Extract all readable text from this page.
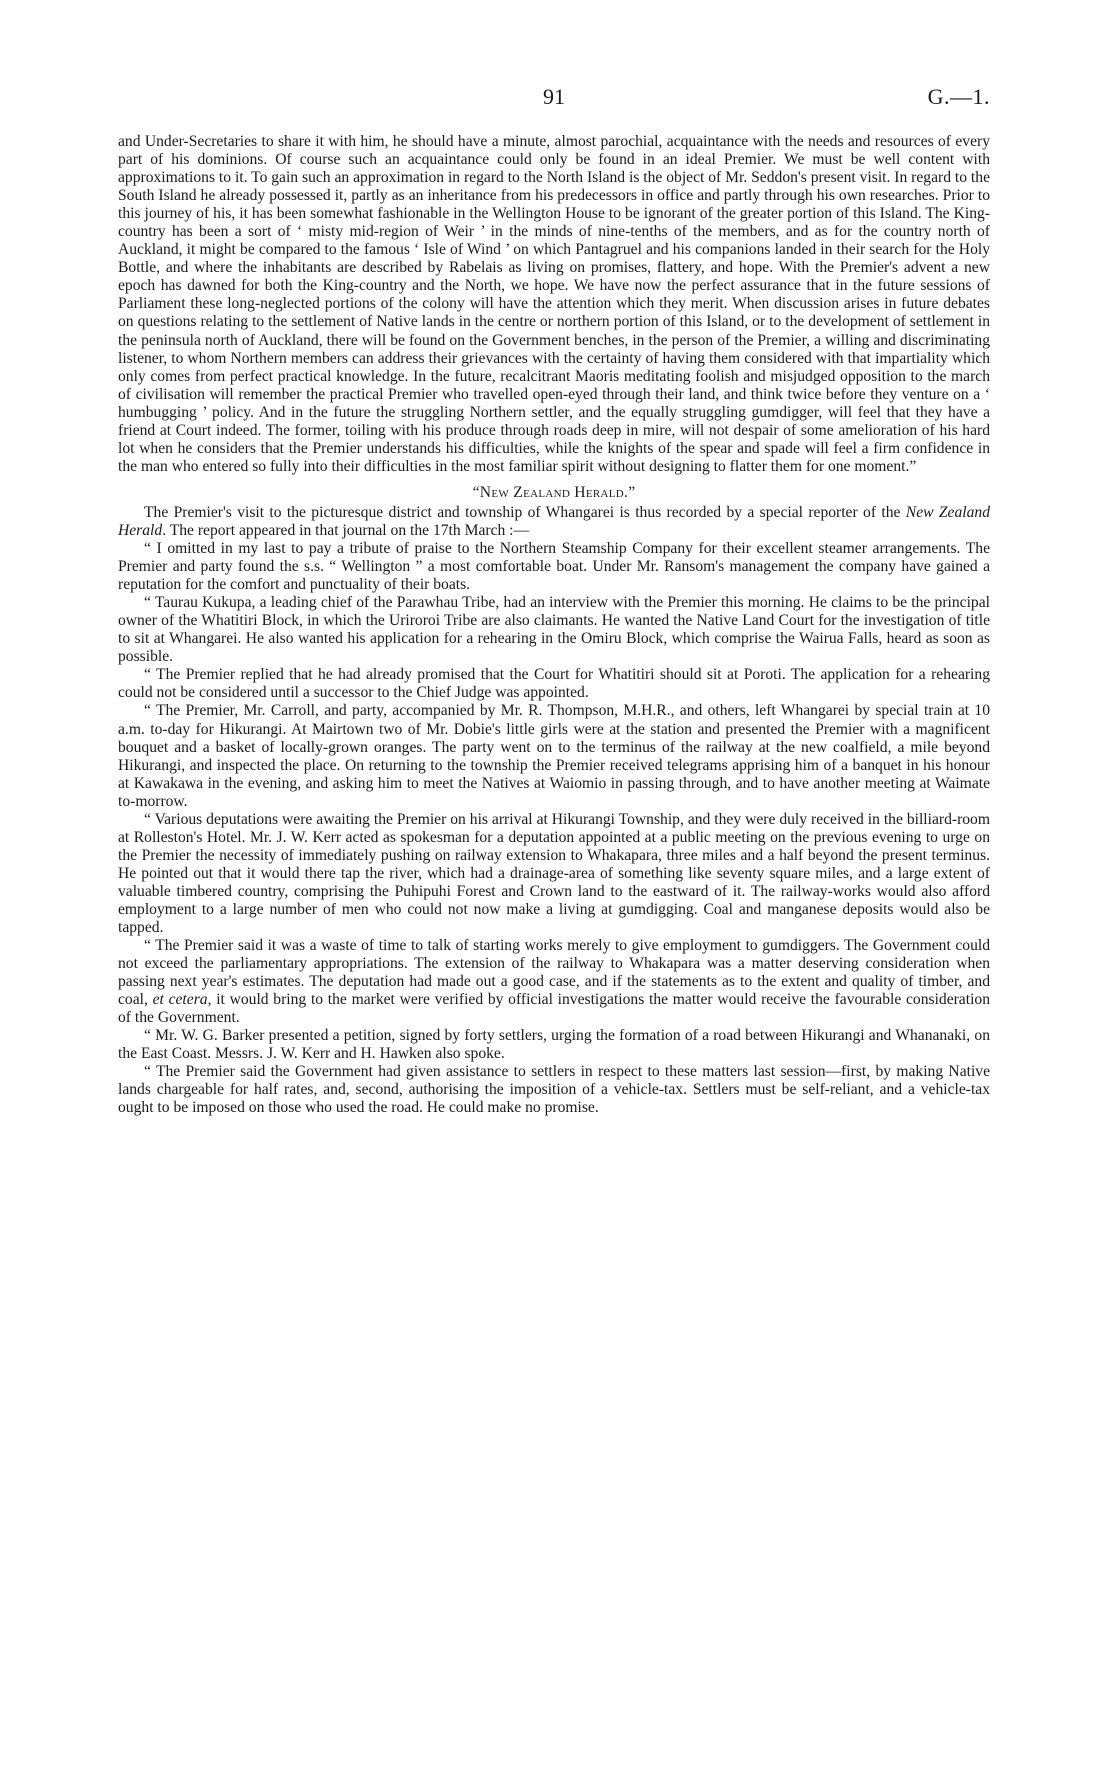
91	G.—1.

and Under-Secretaries to share it with him, he should have a minute, almost parochial, acquaintance with the needs and resources of every part of his dominions. Of course such an acquaintance could only be found in an ideal Premier. We must be well content with approximations to it. To gain such an approximation in regard to the North Island is the object of Mr. Seddon's present visit. In regard to the South Island he already possessed it, partly as an inheritance from his predecessors in office and partly through his own researches. Prior to this journey of his, it has been somewhat fashionable in the Wellington House to be ignorant of the greater portion of this Island. The King-country has been a sort of ‘ misty mid-region of Weir ’ in the minds of nine-tenths of the members, and as for the country north of Auckland, it might be compared to the famous ‘ Isle of Wind ’ on which Pantagruel and his companions landed in their search for the Holy Bottle, and where the inhabitants are described by Rabelais as living on promises, flattery, and hope. With the Premier's advent a new epoch has dawned for both the King-country and the North, we hope. We have now the perfect assurance that in the future sessions of Parliament these long-neglected portions of the colony will have the attention which they merit. When discussion arises in future debates on questions relating to the settlement of Native lands in the centre or northern portion of this Island, or to the development of settlement in the peninsula north of Auckland, there will be found on the Government benches, in the person of the Premier, a willing and discriminating listener, to whom Northern members can address their grievances with the certainty of having them considered with that impartiality which only comes from perfect practical knowledge. In the future, recalcitrant Maoris meditating foolish and misjudged opposition to the march of civilisation will remember the practical Premier who travelled open-eyed through their land, and think twice before they venture on a ‘ humbugging ’ policy. And in the future the struggling Northern settler, and the equally struggling gumdigger, will feel that they have a friend at Court indeed. The former, toiling with his produce through roads deep in mire, will not despair of some amelioration of his hard lot when he considers that the Premier understands his difficulties, while the knights of the spear and spade will feel a firm confidence in the man who entered so fully into their difficulties in the most familiar spirit without designing to flatter them for one moment.”

“New Zealand Herald.”

The Premier's visit to the picturesque district and township of Whangarei is thus recorded by a special reporter of the New Zealand Herald. The report appeared in that journal on the 17th March :—

“ I omitted in my last to pay a tribute of praise to the Northern Steamship Company for their excellent steamer arrangements. The Premier and party found the s.s. “ Wellington ” a most comfortable boat. Under Mr. Ransom's management the company have gained a reputation for the comfort and punctuality of their boats.

“ Taurau Kukupa, a leading chief of the Parawhau Tribe, had an interview with the Premier this morning. He claims to be the principal owner of the Whatitiri Block, in which the Uriroroi Tribe are also claimants. He wanted the Native Land Court for the investigation of title to sit at Whangarei. He also wanted his application for a rehearing in the Omiru Block, which comprise the Wairua Falls, heard as soon as possible.

“ The Premier replied that he had already promised that the Court for Whatitiri should sit at Poroti. The application for a rehearing could not be considered until a successor to the Chief Judge was appointed.

“ The Premier, Mr. Carroll, and party, accompanied by Mr. R. Thompson, M.H.R., and others, left Whangarei by special train at 10 a.m. to-day for Hikurangi. At Mairtown two of Mr. Dobie's little girls were at the station and presented the Premier with a magnificent bouquet and a basket of locally-grown oranges. The party went on to the terminus of the railway at the new coalfield, a mile beyond Hikurangi, and inspected the place. On returning to the township the Premier received telegrams apprising him of a banquet in his honour at Kawakawa in the evening, and asking him to meet the Natives at Waiomio in passing through, and to have another meeting at Waimate to-morrow.

“ Various deputations were awaiting the Premier on his arrival at Hikurangi Township, and they were duly received in the billiard-room at Rolleston's Hotel. Mr. J. W. Kerr acted as spokesman for a deputation appointed at a public meeting on the previous evening to urge on the Premier the necessity of immediately pushing on railway extension to Whakapara, three miles and a half beyond the present terminus. He pointed out that it would there tap the river, which had a drainage-area of something like seventy square miles, and a large extent of valuable timbered country, comprising the Puhipuhi Forest and Crown land to the eastward of it. The railway-works would also afford employment to a large number of men who could not now make a living at gumdigging. Coal and manganese deposits would also be tapped.

“ The Premier said it was a waste of time to talk of starting works merely to give employment to gumdiggers. The Government could not exceed the parliamentary appropriations. The extension of the railway to Whakapara was a matter deserving consideration when passing next year's estimates. The deputation had made out a good case, and if the statements as to the extent and quality of timber, and coal, et cetera, it would bring to the market were verified by official investigations the matter would receive the favourable consideration of the Government.

“ Mr. W. G. Barker presented a petition, signed by forty settlers, urging the formation of a road between Hikurangi and Whananaki, on the East Coast. Messrs. J. W. Kerr and H. Hawken also spoke.

“ The Premier said the Government had given assistance to settlers in respect to these matters last session—first, by making Native lands chargeable for half rates, and, second, authorising the imposition of a vehicle-tax. Settlers must be self-reliant, and a vehicle-tax ought to be imposed on those who used the road. He could make no promise.
